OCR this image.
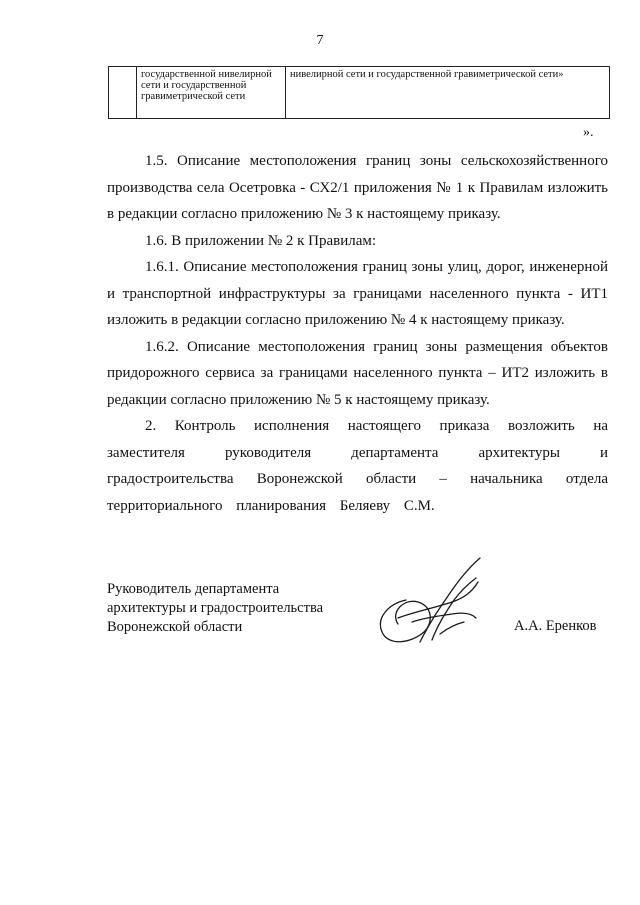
7
	государственной нивелирной сети и государственной гравиметрической сети	нивелирной сети и государственной гравиметрической сети»
».

1.5. Описание местоположения границ зоны сельскохозяйственного производства села Осетровка - СХ2/1 приложения № 1 к Правилам изложить в редакции согласно приложению № 3 к настоящему приказу.

1.6. В приложении № 2 к Правилам:

1.6.1. Описание местоположения границ зоны улиц, дорог, инженерной и транспортной инфраструктуры за границами населенного пункта - ИТ1 изложить в редакции согласно приложению № 4 к настоящему приказу.

1.6.2. Описание местоположения границ зоны размещения объектов придорожного сервиса за границами населенного пункта – ИТ2 изложить в редакции согласно приложению № 5 к настоящему приказу.

2. Контроль исполнения настоящего приказа возложить на заместителя руководителя департамента архитектуры и градостроительства Воронежской области – начальника отдела территориального планирования Беляеву С.М.

Руководитель департамента
архитектуры и градостроительства
Воронежской области	А.А. Еренков
